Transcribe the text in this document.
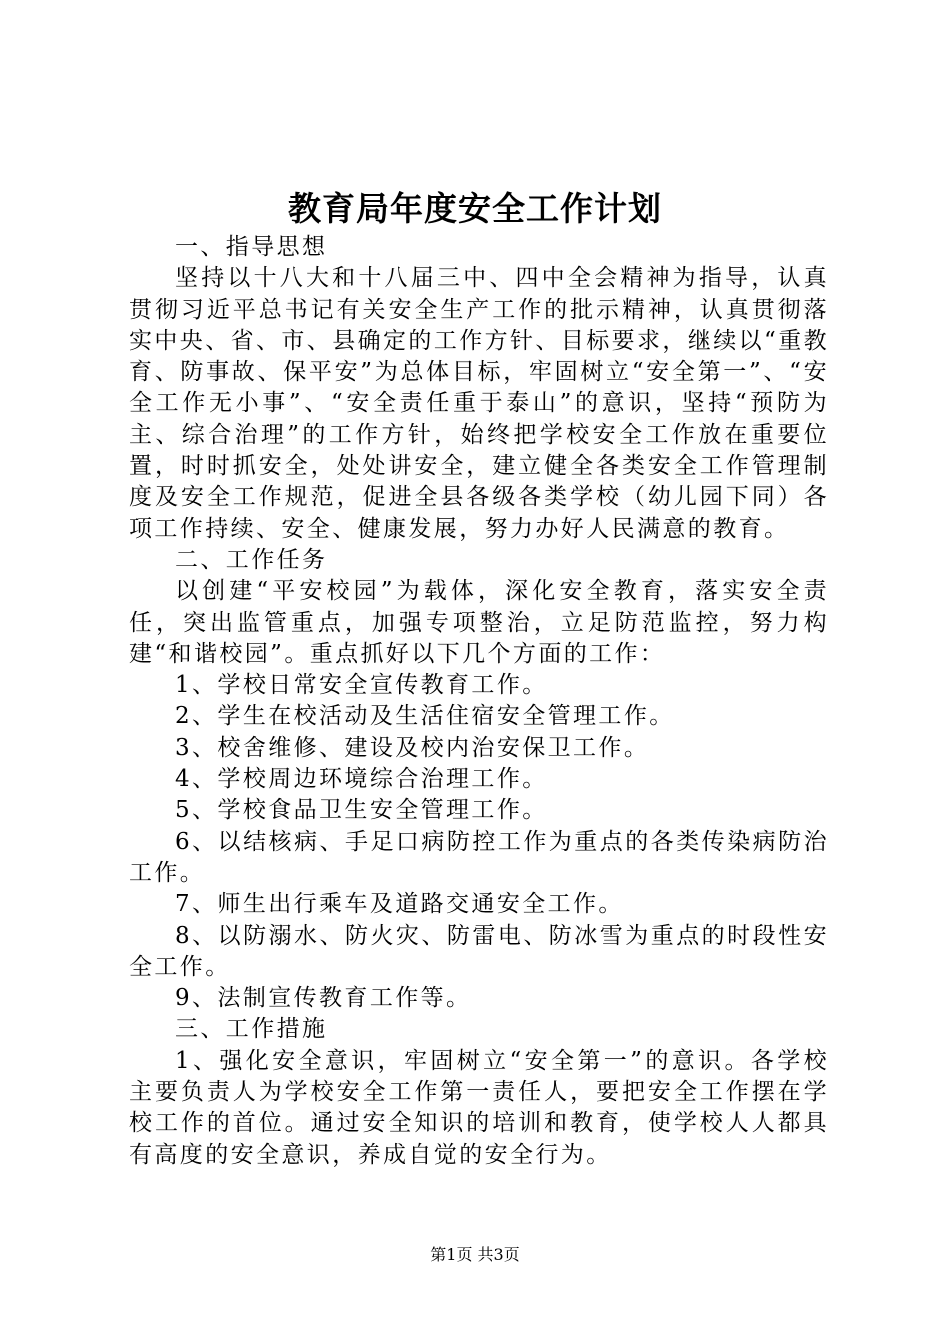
教育局年度安全工作计划

一、指导思想

坚持以十八大和十八届三中、四中全会精神为指导，认真贯彻习近平总书记有关安全生产工作的批示精神，认真贯彻落实中央、省、市、县确定的工作方针、目标要求，继续以“重教育、防事故、保平安”为总体目标，牢固树立“安全第一”、“安全工作无小事”、“安全责任重于泰山”的意识，坚持“预防为主、综合治理”的工作方针，始终把学校安全工作放在重要位置，时时抓安全，处处讲安全，建立健全各类安全工作管理制度及安全工作规范，促进全县各级各类学校（幼儿园下同）各项工作持续、安全、健康发展，努力办好人民满意的教育。

二、工作任务

以创建“平安校园”为载体，深化安全教育，落实安全责任，突出监管重点，加强专项整治，立足防范监控，努力构建“和谐校园”。重点抓好以下几个方面的工作：

1、学校日常安全宣传教育工作。

2、学生在校活动及生活住宿安全管理工作。

3、校舍维修、建设及校内治安保卫工作。

4、学校周边环境综合治理工作。

5、学校食品卫生安全管理工作。

6、以结核病、手足口病防控工作为重点的各类传染病防治工作。

7、师生出行乘车及道路交通安全工作。

8、以防溺水、防火灾、防雷电、防冰雪为重点的时段性安全工作。

9、法制宣传教育工作等。

三、工作措施

1、强化安全意识，牢固树立“安全第一”的意识。各学校主要负责人为学校安全工作第一责任人，要把安全工作摆在学校工作的首位。通过安全知识的培训和教育，使学校人人都具有高度的安全意识，养成自觉的安全行为。

第1页 共3页
